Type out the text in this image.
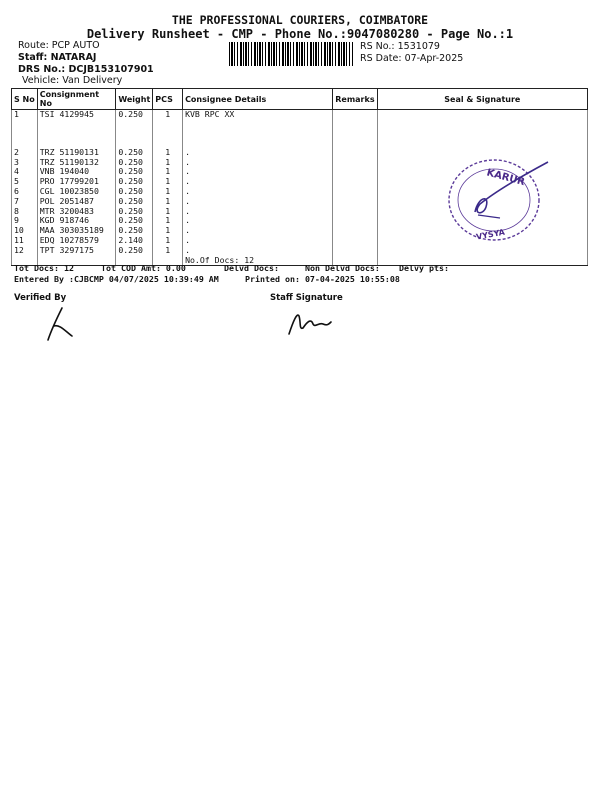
THE PROFESSIONAL COURIERS, COIMBATORE
Delivery Runsheet - CMP - Phone No.:9047080280 - Page No.:1
Route: PCP AUTO
Staff: NATARAJ
DRS No.: DCJB153107901
Vehicle: Van Delivery
RS No.: 1531079
RS Date: 07-Apr-2025
S No	Consignment No	Weight	PCS	Consignee Details	Remarks	Seal & Signature
1	TSI 4129945	0.250	1	KVB RPC XX		

2	TRZ 51190131	0.250	1	.		
3	TRZ 51190132	0.250	1	.		
4	VNB 194040	0.250	1	.		
5	PRO 17799201	0.250	1	.		
6	CGL 10023850	0.250	1	.		
7	POL 2051487	0.250	1	.		
8	MTR 3200483	0.250	1	.		
9	KGD 918746	0.250	1	.		
10	MAA 303035189	0.250	1	.		
11	EDQ 10278579	2.140	1	.		
12	TPT 3297175	0.250	1	.		
				No.Of Docs: 12		
KARUR
VYSYA
Tot Docs: 12	Tot COD Amt: 0.00	Delvd Docs:	Non Delvd Docs: Delvy pts:
Entered By :CJBCMP 04/07/2025 10:39:49 AM	Printed on: 07-04-2025 10:55:08
Verified By	Staff Signature
